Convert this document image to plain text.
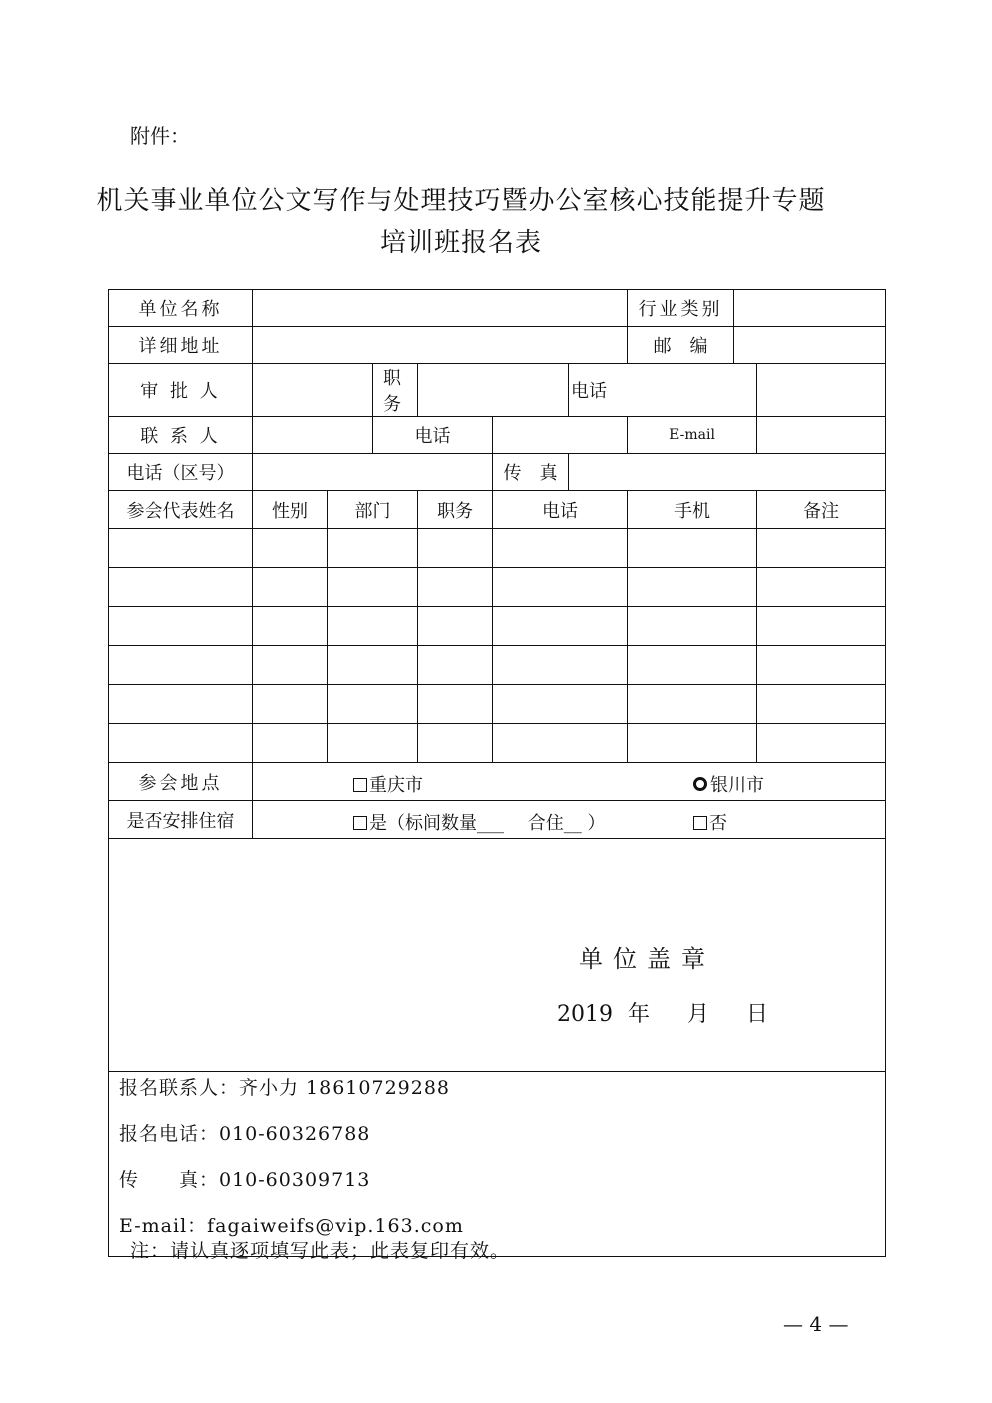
附件：
机关事业单位公文写作与处理技巧暨办公室核心技能提升专题
培训班报名表
单位名称							行业类别		
详细地址							邮　编		
审 批 人			职务			电话			
联 系 人			电话				E-mail		
电话（区号）					传　真				
参会代表姓名	性别	部门		职务	电话		手机		备注

参会地点	重庆市 银川市								

是否安排住宿	是（标间数量___　 合住__ ） 否								

单位盖章
2019 年　 月　 日									

报名联系人：齐小力 18610729288

报名电话：010-60326788

传　　真：010-60309713

E-mail：fagaiweifs@vip.163.com									

注：请认真逐项填写此表；此表复印有效。
— 4 —
